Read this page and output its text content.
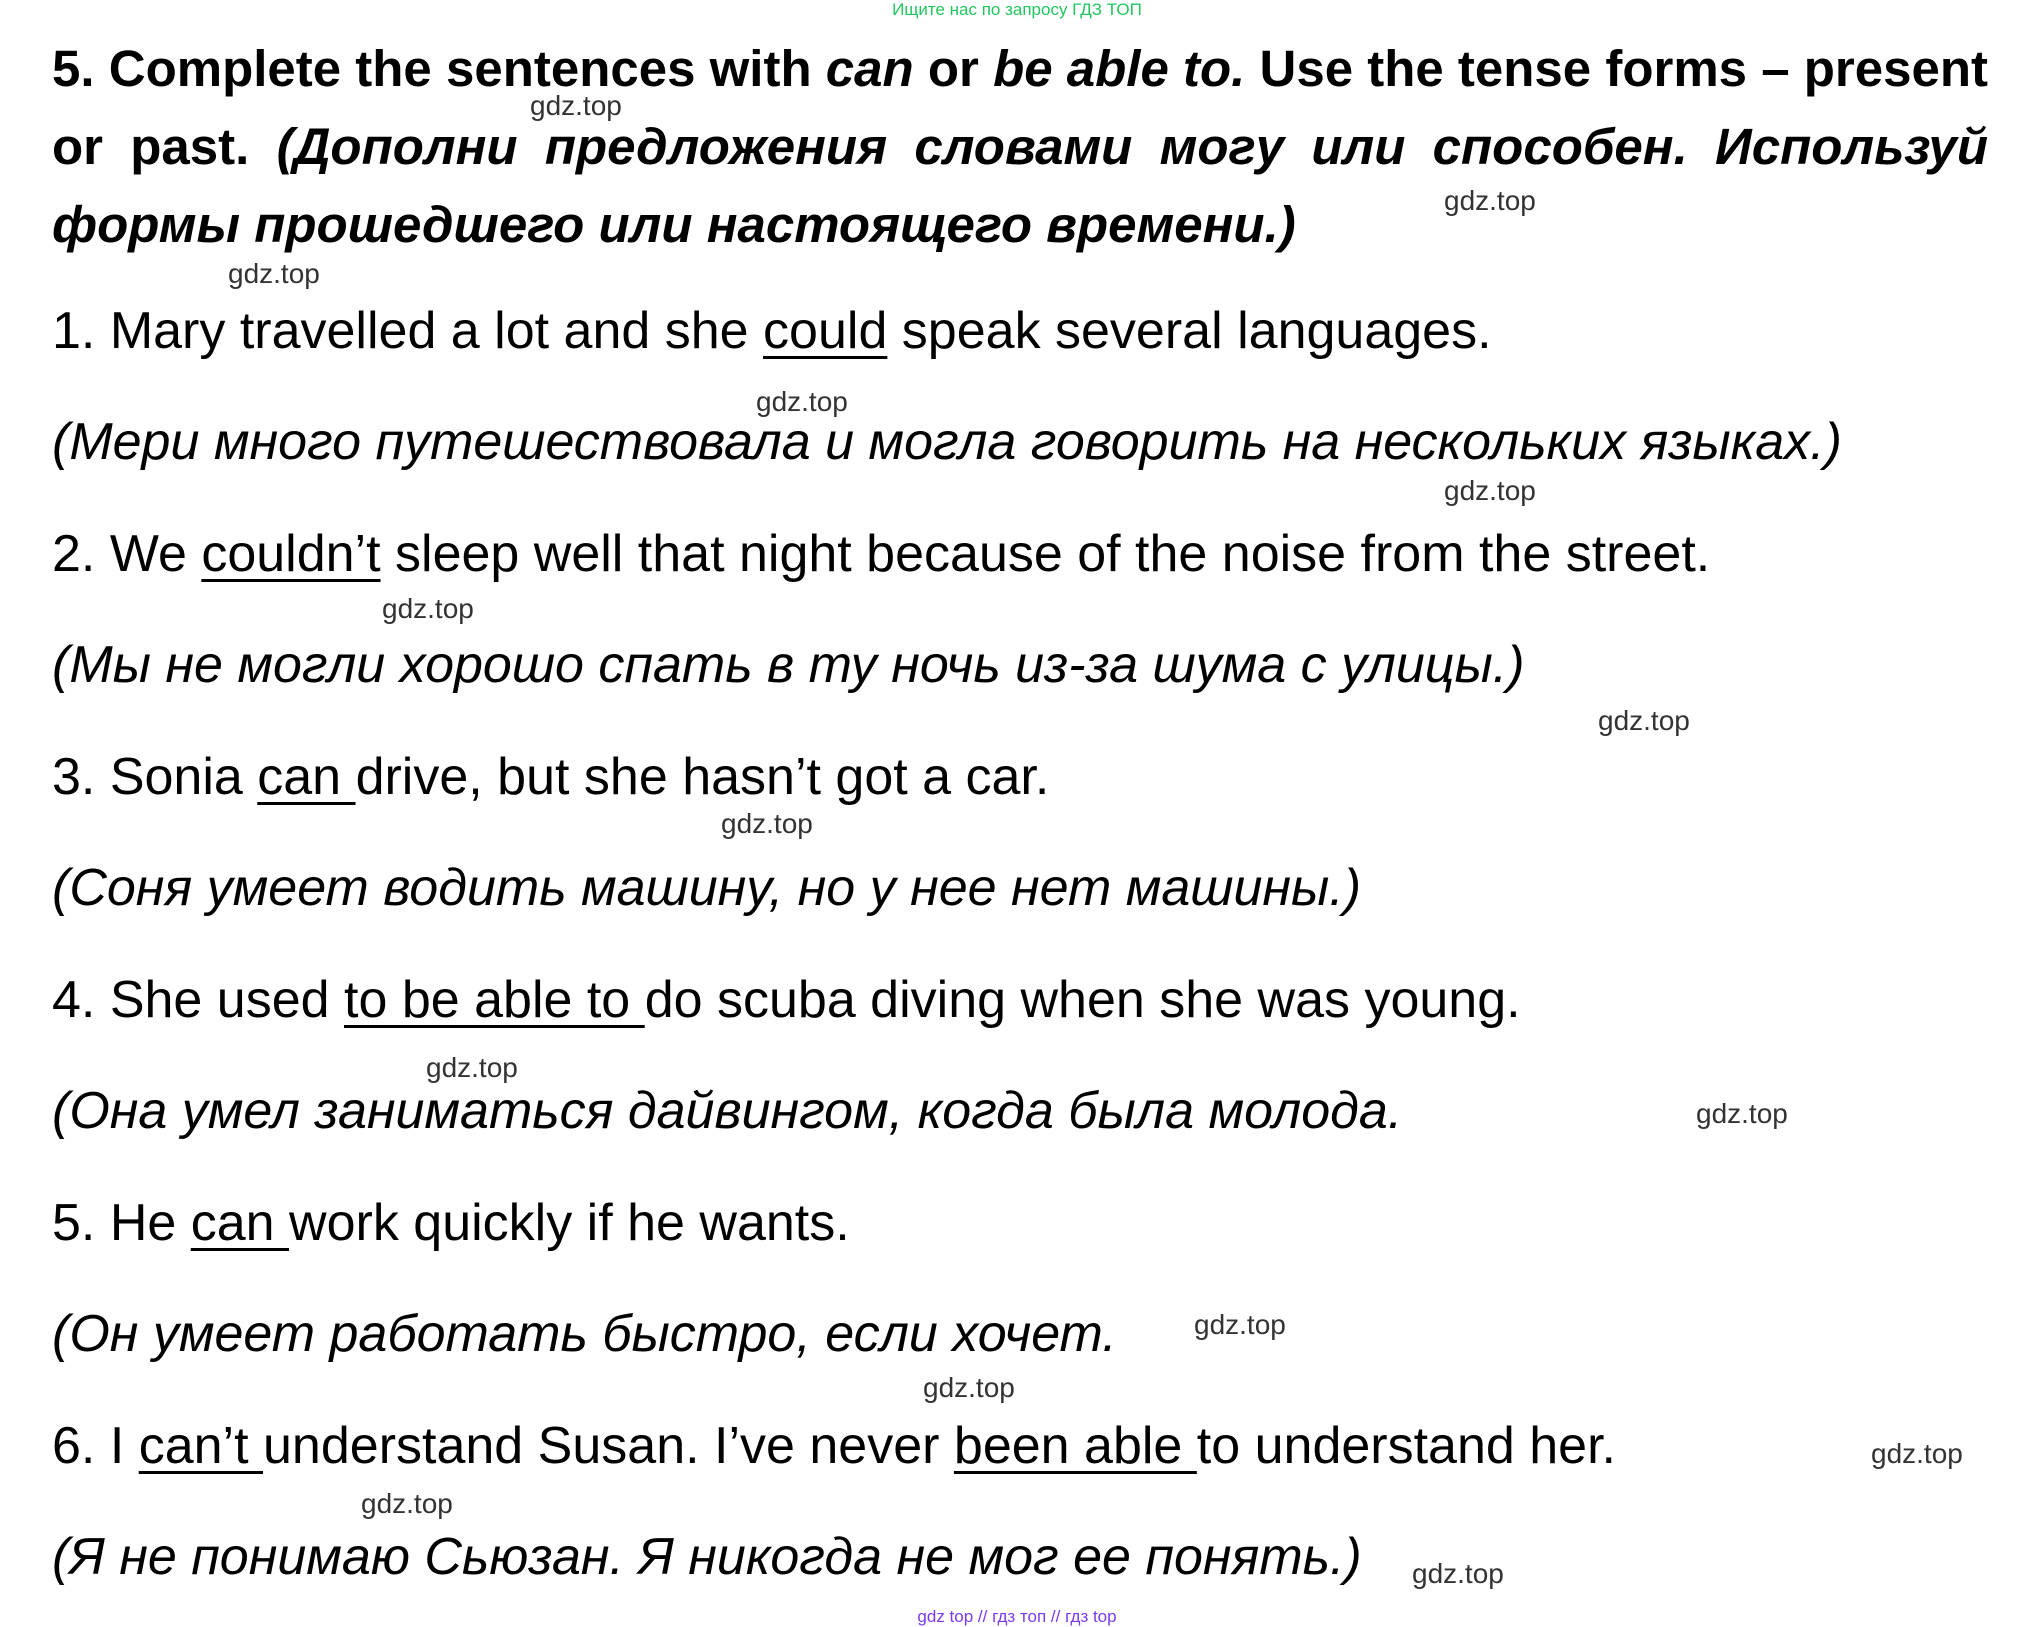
Ищите нас по запросу ГДЗ ТОП
5. Complete the sentences with can or be able to. Use the tense forms – present or past. (Дополни предложения словами могу или способен. Используй формы прошедшего или настоящего времени.)
1. Mary travelled a lot and she could speak several languages.
(Мери много путешествовала и могла говорить на нескольких языках.)
2. We couldn’t sleep well that night because of the noise from the street.
(Мы не могли хорошо спать в ту ночь из-за шума с улицы.)
3. Sonia can drive, but she hasn’t got a car.
(Соня умеет водить машину, но у нее нет машины.)
4. She used to be able to do scuba diving when she was young.
(Она умел заниматься дайвингом, когда была молода.
5. He can work quickly if he wants.
(Он умеет работать быстро, если хочет.
6. I can’t understand Susan. I’ve never been able to understand her.
(Я не понимаю Сьюзан. Я никогда не мог ее понять.)
gdz.top
gdz.top
gdz.top
gdz.top
gdz.top
gdz.top
gdz.top
gdz.top
gdz.top
gdz.top
gdz.top
gdz.top
gdz.top
gdz.top
gdz.top
gdz top // гдз топ // гдз top
